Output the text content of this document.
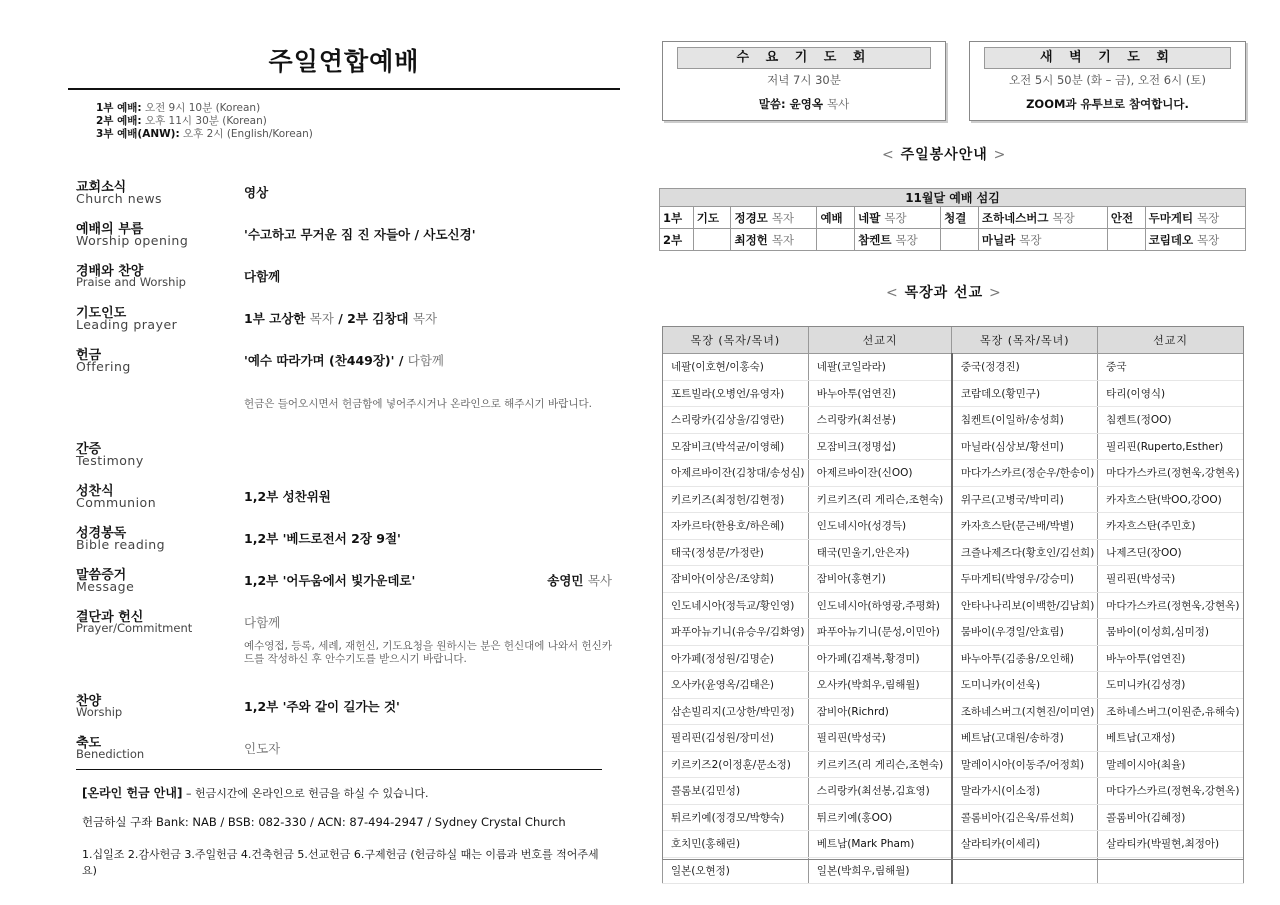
주일연합예배
1부 예배: 오전 9시 10분 (Korean)
2부 예배: 오후 11시 30분 (Korean)
3부 예배(ANW): 오후 2시 (English/Korean)
교회소식
Church news	영상
예배의 부름
Worship opening	'수고하고 무거운 짐 진 자들아 / 사도신경'
경배와 찬양
Praise and Worship	다함께
기도인도
Leading prayer	1부 고상한 목자 / 2부 김창대 목자
헌금
Offering	'예수 따라가며 (찬449장)' / 다함께
헌금은 들어오시면서 헌금함에 넣어주시거나 온라인으로 해주시기 바랍니다.
간증
Testimony
성찬식
Communion	1,2부 성찬위원
성경봉독
Bible reading	1,2부 '베드로전서 2장 9절'
말씀증거
Message	1,2부 '어두움에서 빛가운데로'	송영민 목사
결단과 헌신
Prayer/Commitment	다함께
예수영접, 등록, 세례, 재헌신, 기도요청을 원하시는 분은 헌신대에 나와서 헌신카드를 작성하신 후 안수기도를 받으시기 바랍니다.
찬양
Worship	1,2부 '주와 같이 길가는 것'
축도
Benediction	인도자
[온라인 헌금 안내] – 헌금시간에 온라인으로 헌금을 하실 수 있습니다.
헌금하실 구좌 Bank: NAB / BSB: 082-330 / ACN: 87-494-2947 / Sydney Crystal Church
1.십일조 2.감사헌금 3.주일헌금 4.건축헌금 5.선교헌금 6.구제헌금 (헌금하실 때는 이름과 번호를 적어주세요)
수 요 기 도 회
저녁 7시 30분
말씀: 윤영옥 목사
새 벽 기 도 회
오전 5시 50분 (화 – 금), 오전 6시 (토)
ZOOM과 유투브로 참여합니다.
< 주일봉사안내 >
11월달 예배 섬김								
1부	기도	정경모 목자	예배	네팔 목장	청결	조하네스버그 목장	안전	두마게티 목장
2부		최정헌 목자		참켄트 목장		마닐라 목장		코림데오 목장
< 목장과 선교 >
목장 (목자/목녀)	선교지	목장 (목자/목녀)	선교지
네팔(이호현/이홍숙)	네팔(코일라라)	중국(정경진)	중국
포트빌라(오병언/유영자)	바누아투(엄연진)	코람데오(황민구)	타리(이영식)
스리랑카(김상울/김영란)	스리랑카(최선봉)	침켄트(이일하/송성희)	침켄트(정OO)
모잠비크(박석균/이영혜)	모잠비크(정명섭)	마닐라(심상보/황선미)	필리핀(Ruperto,Esther)
아제르바이잔(김창대/송성심)	아제르바이잔(신OO)	마다가스카르(정순우/한송이)	마다가스카르(정현욱,강현옥)
키르키즈(최정헌/김현정)	키르키즈(리 게리슨,조현숙)	위구르(고병국/박미리)	카자흐스탄(박OO,강OO)
자카르타(한용호/하은혜)	인도네시아(성경득)	카자흐스탄(문근배/박별)	카자흐스탄(주민호)
태국(정성문/가정란)	태국(민울기,안은자)	크즐나제즈다(황호인/김선희)	나제즈딘(장OO)
잠비아(이상은/조양희)	잠비아(홍현기)	두마게티(박영우/강승미)	필리핀(박성국)
인도네시아(정득교/황인영)	인도네시아(하영광,주평화)	안타나나리보(이백한/김남희)	마다가스카르(정현욱,강현옥)
파푸아뉴기니(유승우/김화영)	파푸아뉴기니(문성,이민아)	뭄바이(우경일/안효림)	뭄바이(이성희,심미정)
아가페(정성원/김명순)	아가페(김재복,황경미)	바누아투(김종용/오인해)	바누아투(엄연진)
오사카(윤영옥/김태은)	오사카(박희우,림해월)	도미니카(이선욱)	도미니카(김성경)
삼손빌리지(고상한/박민정)	잠비아(Richrd)	조하네스버그(지현진/이미연)	조하네스버그(이원준,유해숙)
필리핀(김성원/장미선)	필리핀(박성국)	베트남(고대원/송하경)	베트남(고재성)
키르키즈2(이정훈/문소정)	키르키즈(리 게리슨,조현숙)	말레이시아(이동주/어정희)	말레이시아(최율)
콜롬보(김민성)	스리랑카(최선봉,김효영)	말라가시(이소정)	마다가스카르(정현욱,강현옥)
튀르키예(정경모/박향숙)	튀르키예(홍OO)	콜롬비아(김은욱/류선희)	콜롬비아(김혜정)
호치민(홍해린)	베트남(Mark Pham)	살라티카(이세리)	살라티카(박필현,최정아)
일본(오현정)	일본(박희우,림해월)		
